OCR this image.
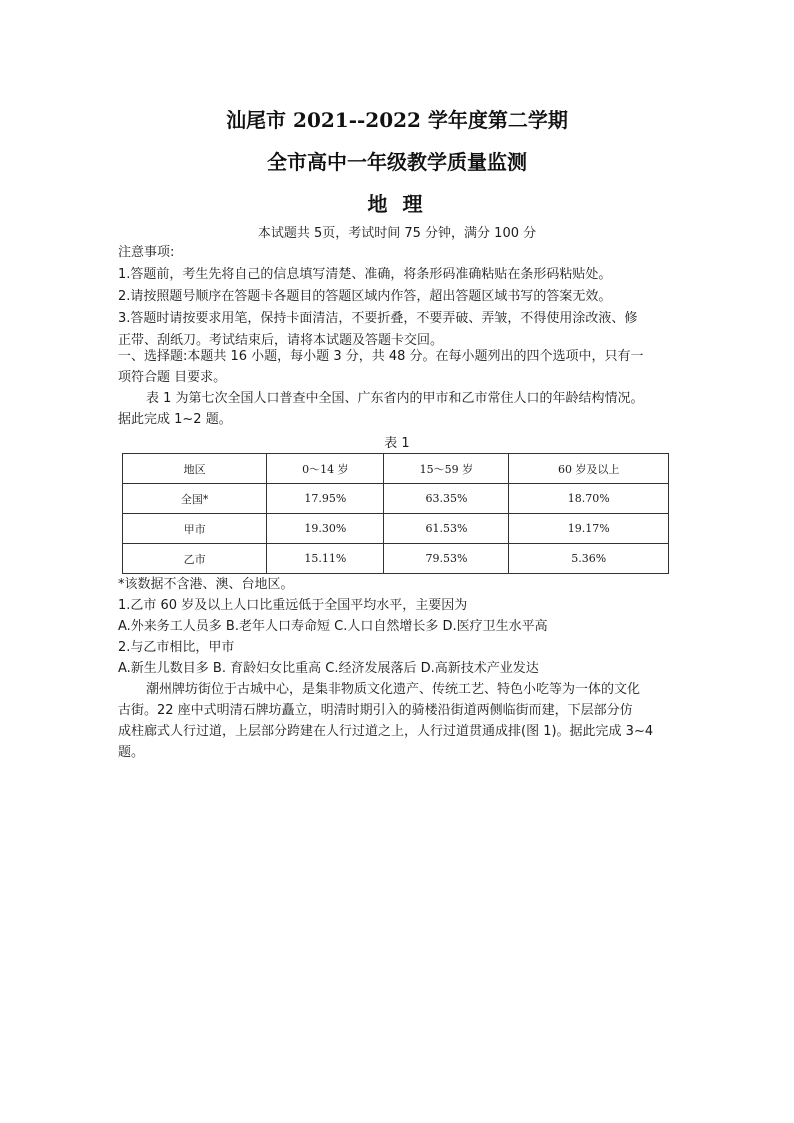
汕尾市 2021--2022 学年度第二学期
全市高中一年级教学质量监测
地 理
本试题共 5页，考试时间 75 分钟，满分 100 分
注意事项:
1.答题前，考生先将自己的信息填写清楚、准确，将条形码准确粘贴在条形码粘贴处。
2.请按照题号顺序在答题卡各题目的答题区域内作答，超出答题区域书写的答案无效。
3.答题时请按要求用笔，保持卡面清洁，不要折叠，不要弄破、弄皱，不得使用涂改液、修
正带、刮纸刀。考试结束后，请将本试题及答题卡交回。
一、选择题:本题共 16 小题，每小题 3 分，共 48 分。在每小题列出的四个选项中，只有一
项符合题 目要求。
表 1 为第七次全国人口普查中全国、广东省内的甲市和乙市常住人口的年龄结构情况。
据此完成 1~2 题。
表 1
地区	0～14 岁	15～59 岁	60 岁及以上
全国*	17.95%	63.35%	18.70%
甲市	19.30%	61.53%	19.17%
乙市	15.11%	79.53%	5.36%
*该数据不含港、澳、台地区。
1.乙市 60 岁及以上人口比重远低于全国平均水平，主要因为
A.外来务工人员多 B.老年人口寿命短 C.人口自然增长多 D.医疗卫生水平高
2.与乙市相比，甲市
A.新生儿数目多 B. 育龄妇女比重高 C.经济发展落后 D.高新技术产业发达
潮州牌坊街位于古城中心，是集非物质文化遗产、传统工艺、特色小吃等为一体的文化
古街。22 座中式明清石牌坊矗立，明清时期引入的骑楼沿街道两侧临街而建，下层部分仿
成柱廊式人行过道，上层部分跨建在人行过道之上，人行过道贯通成排(图 1)。据此完成 3~4
题。
